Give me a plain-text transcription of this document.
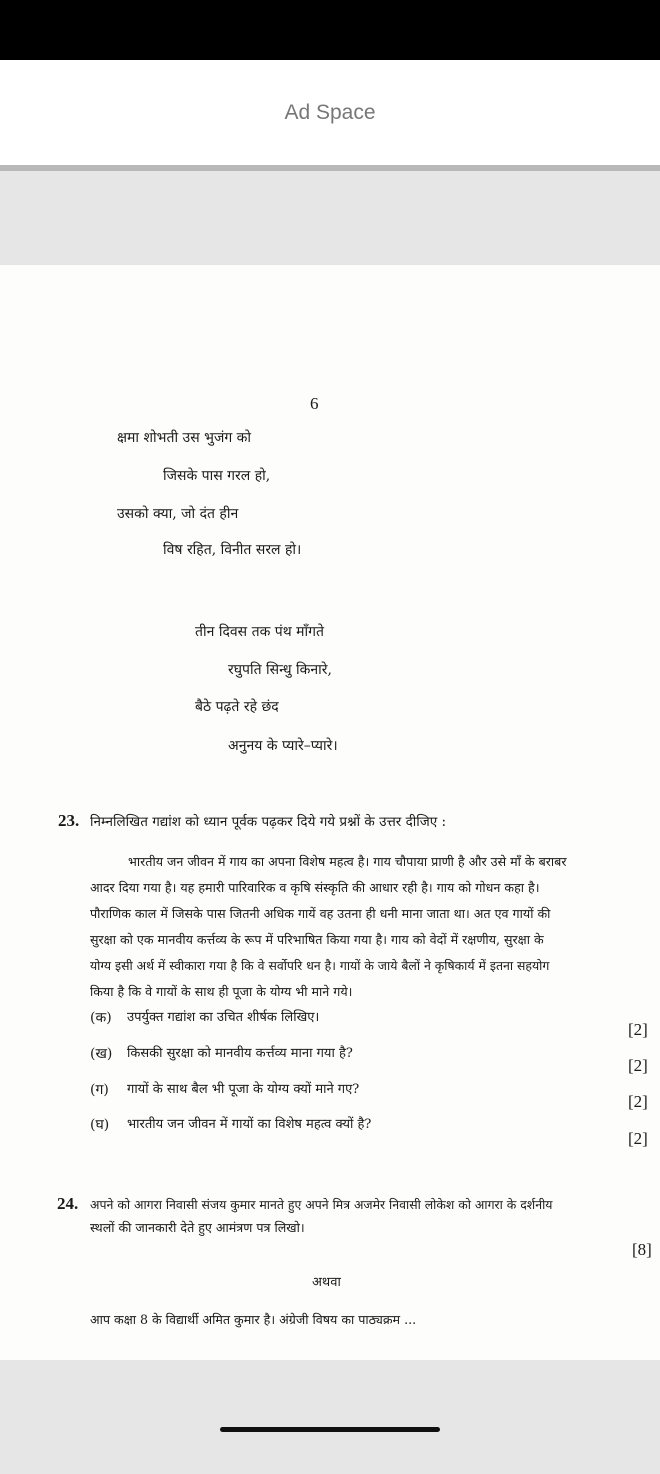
Ad Space
6
क्षमा शोभती उस भुजंग को
जिसके पास गरल हो,
उसको क्या, जो दंत हीन
विष रहित, विनीत सरल हो।
तीन दिवस तक पंथ माँगते
रघुपति सिन्धु किनारे,
बैठे पढ़ते रहे छंद
अनुनय के प्यारे–प्यारे।
23. निम्नलिखित गद्यांश को ध्यान पूर्वक पढ़कर दिये गये प्रश्नों के उत्तर दीजिए :
भारतीय जन जीवन में गाय का अपना विशेष महत्व है। गाय चौपाया प्राणी है और उसे माँ के बराबर
आदर दिया गया है। यह हमारी पारिवारिक व कृषि संस्कृति की आधार रही है। गाय को गोधन कहा है।
पौराणिक काल में जिसके पास जितनी अधिक गायें वह उतना ही धनी माना जाता था। अत एव गायों की
सुरक्षा को एक मानवीय कर्त्तव्य के रूप में परिभाषित किया गया है। गाय को वेदों में रक्षणीय, सुरक्षा के
योग्य इसी अर्थ में स्वीकारा गया है कि वे सर्वोपरि धन है। गायों के जाये बैलों ने कृषिकार्य में इतना सहयोग
किया है कि वे गायों के साथ ही पूजा के योग्य भी माने गये।
(क) उपर्युक्त गद्यांश का उचित शीर्षक लिखिए।
[2]
(ख) किसकी सुरक्षा को मानवीय कर्त्तव्य माना गया है?
[2]
(ग) गायों के साथ बैल भी पूजा के योग्य क्यों माने गए?
[2]
(घ) भारतीय जन जीवन में गायों का विशेष महत्व क्यों है?
[2]
24. अपने को आगरा निवासी संजय कुमार मानते हुए अपने मित्र अजमेर निवासी लोकेश को आगरा के दर्शनीय
स्थलों की जानकारी देते हुए आमंत्रण पत्र लिखो।
[8]
अथवा
आप कक्षा 8 के विद्यार्थी अमित कुमार है। अंग्रेजी विषय का पाठ्यक्रम ...
